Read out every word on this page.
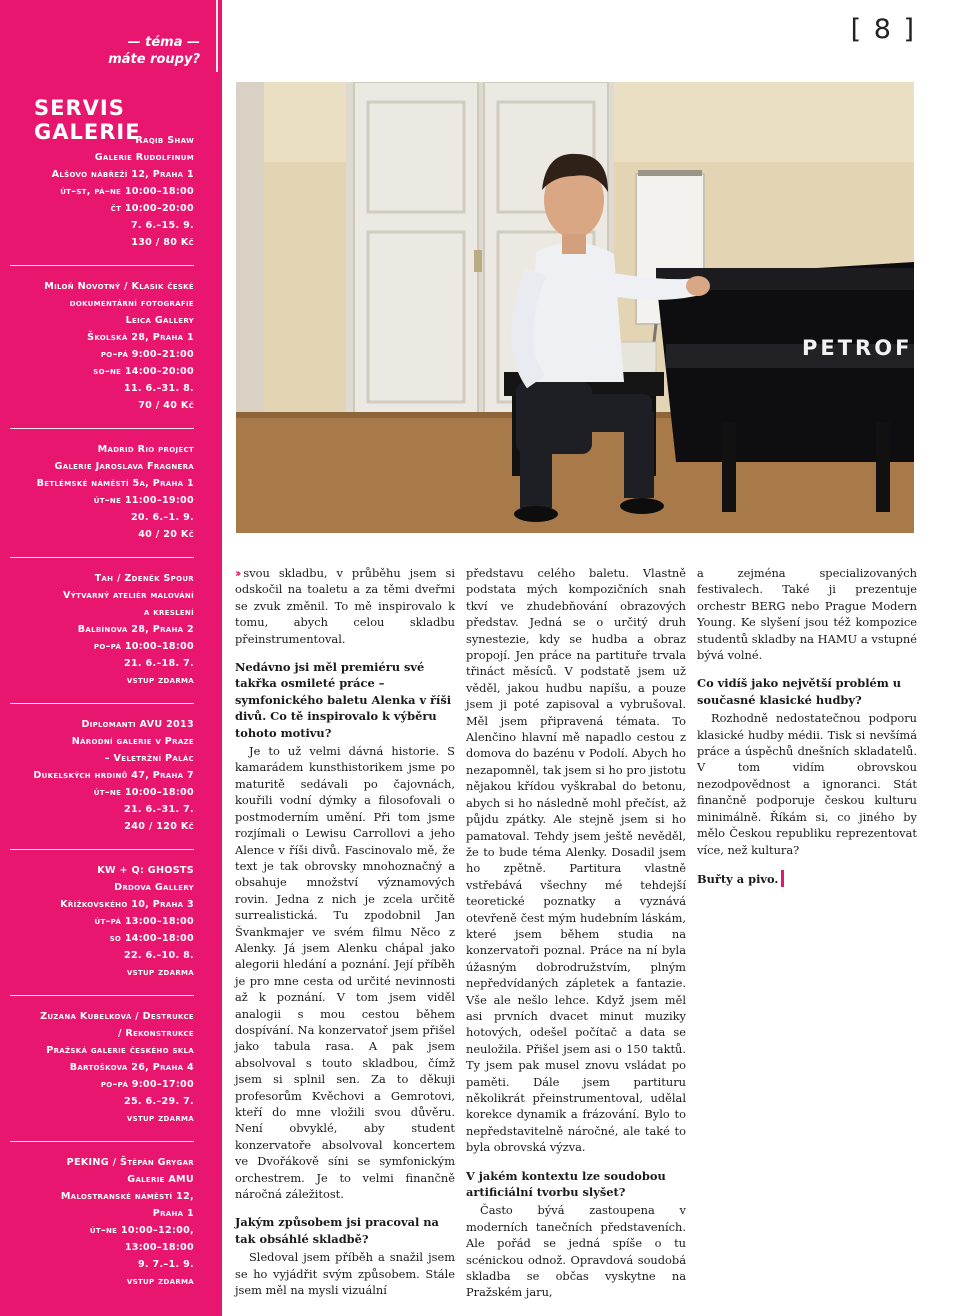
— téma —
máte roupy?
SERVIS GALERIE
Raqib Shaw
Galerie Rudolfinum
Alšovo nábřeží 12, Praha 1
út–st, pá–ne 10:00–18:00
čt 10:00–20:00
7. 6.–15. 9.
130 / 80 Kč
Miloň Novotný / Klasik české
dokumentární fotografie
Leica Gallery
Školská 28, Praha 1
po–pá 9:00–21:00
so–ne 14:00–20:00
11. 6.–31. 8.
70 / 40 Kč
Madrid Rio project
Galerie Jaroslava Fragnera
Betlémské náměstí 5a, Praha 1
út–ne 11:00–19:00
20. 6.–1. 9.
40 / 20 Kč
Tah / Zdeněk Spour
Výtvarný ateliér malování
a kreslení
Balbínova 28, Praha 2
po–pá 10:00–18:00
21. 6.–18. 7.
vstup zdarma
Diplomanti AVU 2013
Národní galerie v Praze
– Veletržní Palác
Dukelských hrdinů 47, Praha 7
út–ne 10:00–18:00
21. 6.–31. 7.
240 / 120 Kč
KW + Q: GHOSTS
Drdova Gallery
Křížkovského 10, Praha 3
út–pá 13:00–18:00
so 14:00–18:00
22. 6.–10. 8.
vstup zdarma
Zuzana Kubelková / Destrukce
/ Rekonstrukce
Pražská galerie českého skla
Bartoškova 26, Praha 4
po–pá 9:00–17:00
25. 6.–29. 7.
vstup zdarma
PEKING / Štěpán Grygar
Galerie AMU
Malostranské náměstí 12,
Praha 1
út–ne 10:00–12:00,
13:00–18:00
9. 7.–1. 9.
vstup zdarma
[ 8 ]
PETROF

›› svou skladbu, v průběhu jsem si odskočil na toaletu a za těmi dveřmi se zvuk změnil. To mě inspirovalo k tomu, abych celou skladbu přeinstrumentoval.

Nedávno jsi měl premiéru své takřka osmileté práce – symfonického baletu Alenka v říši divů. Co tě inspirovalo k výběru tohoto motivu?

Je to už velmi dávná historie. S kamarádem kunsthistorikem jsme po maturitě sedávali po čajovnách, kouřili vodní dýmky a filosofovali o postmoderním umění. Při tom jsme rozjímali o Lewisu Carrollovi a jeho Alence v říši divů. Fascinovalo mě, že text je tak obrovsky mnohoznačný a obsahuje množství významových rovin. Jedna z nich je zcela určitě surrealistická. Tu zpodobnil Jan Švankmajer ve svém filmu Něco z Alenky. Já jsem Alenku chápal jako alegorii hledání a poznání. Její příběh je pro mne cesta od určité nevinnosti až k poznání. V tom jsem viděl analogii s mou cestou během dospívání. Na konzervatoř jsem přišel jako tabula rasa. A pak jsem absolvoval s touto skladbou, čímž jsem si splnil sen. Za to děkuji profesorům Kvěchovi a Gemrotovi, kteří do mne vložili svou důvěru. Není obvyklé, aby student konzervatoře absolvoval koncertem ve Dvořákově síni se symfonickým orchestrem. Je to velmi finančně náročná záležitost.

Jakým způsobem jsi pracoval na tak obsáhlé skladbě?

Sledoval jsem příběh a snažil jsem se ho vyjádřit svým způsobem. Stále jsem měl na mysli vizuální

představu celého baletu. Vlastně podstata mých kompozičních snah tkví ve zhudebňování obrazových představ. Jedná se o určitý druh synestezie, kdy se hudba a obraz propojí. Jen práce na partituře trvala třináct měsíců. V podstatě jsem už věděl, jakou hudbu napíšu, a pouze jsem ji poté zapisoval a vybrušoval. Měl jsem připravená témata. To Alenčino hlavní mě napadlo cestou z domova do bazénu v Podolí. Abych ho nezapomněl, tak jsem si ho pro jistotu nějakou křídou vyškrabal do betonu, abych si ho následně mohl přečíst, až půjdu zpátky. Ale stejně jsem si ho pamatoval. Tehdy jsem ještě nevěděl, že to bude téma Alenky. Dosadil jsem ho zpětně. Partitura vlastně vstřebává všechny mé tehdejší teoretické poznatky a vyznává otevřeně čest mým hudebním láskám, které jsem během studia na konzervatoři poznal. Práce na ní byla úžasným dobrodružstvím, plným nepředvídaných zápletek a fantazie. Vše ale nešlo lehce. Když jsem měl asi prvních dvacet minut muziky hotových, odešel počítač a data se neuložila. Přišel jsem asi o 150 taktů. Ty jsem pak musel znovu vsládat po paměti. Dále jsem partituru několikrát přeinstrumentoval, udělal korekce dynamik a frázování. Bylo to nepředstavitelně náročné, ale také to byla obrovská výzva.

V jakém kontextu lze soudobou artificiální tvorbu slyšet?

Často bývá zastoupena v moderních tanečních představeních. Ale pořád se jedná spíše o tu scénickou odnož. Opravdová soudobá skladba se občas vyskytne na Pražském jaru,

a zejména specializovaných festivalech. Také ji prezentuje orchestr BERG nebo Prague Modern Young. Ke slyšení jsou též kompozice studentů skladby na HAMU a vstupné bývá volné.

Co vidíš jako největší problém u současné klasické hudby?

Rozhodně nedostatečnou podporu klasické hudby médii. Tisk si nevšímá práce a úspěchů dnešních skladatelů. V tom vidím obrovskou nezodpovědnost a ignoranci. Stát finančně podporuje českou kulturu minimálně. Říkám si, co jiného by mělo Českou republiku reprezentovat více, než kultura?

Buřty a pivo.
